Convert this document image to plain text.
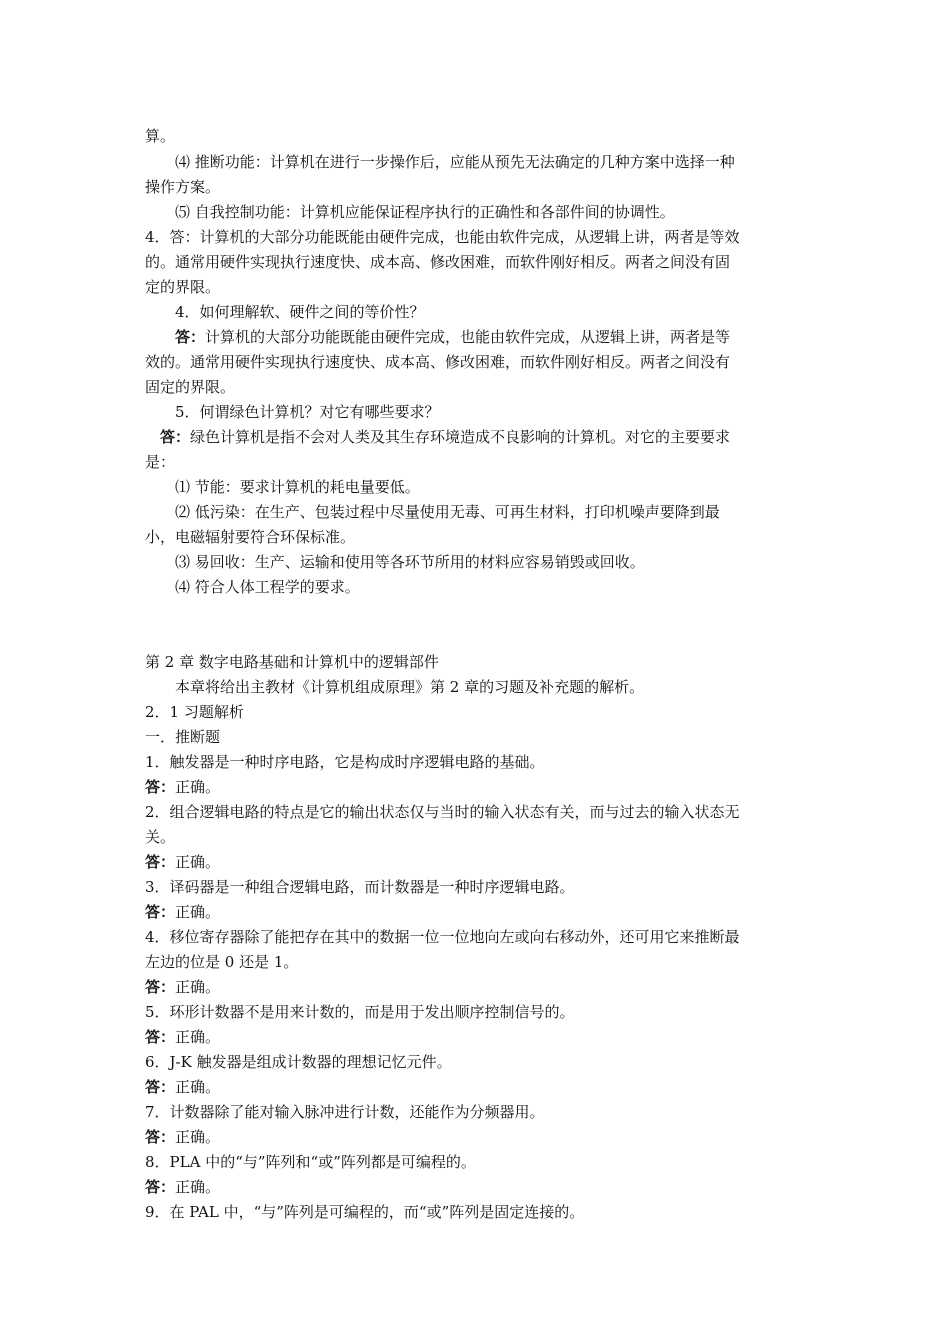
算。
⑷ 推断功能：计算机在进行一步操作后，应能从预先无法确定的几种方案中选择一种
操作方案。
⑸ 自我控制功能：计算机应能保证程序执行的正确性和各部件间的协调性。
4．答：计算机的大部分功能既能由硬件完成，也能由软件完成，从逻辑上讲，两者是等效
的。通常用硬件实现执行速度快、成本高、修改困难，而软件刚好相反。两者之间没有固
定的界限。
4．如何理解软、硬件之间的等价性？
答：计算机的大部分功能既能由硬件完成，也能由软件完成，从逻辑上讲，两者是等
效的。通常用硬件实现执行速度快、成本高、修改困难，而软件刚好相反。两者之间没有
固定的界限。
5．何谓绿色计算机？对它有哪些要求？
答：绿色计算机是指不会对人类及其生存环境造成不良影响的计算机。对它的主要要求
是：
⑴ 节能：要求计算机的耗电量要低。
⑵ 低污染：在生产、包装过程中尽量使用无毒、可再生材料，打印机噪声要降到最
小，电磁辐射要符合环保标准。
⑶ 易回收：生产、运输和使用等各环节所用的材料应容易销毁或回收。
⑷ 符合人体工程学的要求。
第 2 章 数字电路基础和计算机中的逻辑部件
本章将给出主教材《计算机组成原理》第 2 章的习题及补充题的解析。
2．1 习题解析
一．推断题
1．触发器是一种时序电路，它是构成时序逻辑电路的基础。
答：正确。
2．组合逻辑电路的特点是它的输出状态仅与当时的输入状态有关，而与过去的输入状态无
关。
答：正确。
3．译码器是一种组合逻辑电路，而计数器是一种时序逻辑电路。
答：正确。
4．移位寄存器除了能把存在其中的数据一位一位地向左或向右移动外，还可用它来推断最
左边的位是 0 还是 1。
答：正确。
5．环形计数器不是用来计数的，而是用于发出顺序控制信号的。
答：正确。
6．J-K 触发器是组成计数器的理想记忆元件。
答：正确。
7．计数器除了能对输入脉冲进行计数，还能作为分频器用。
答：正确。
8．PLA 中的“与”阵列和“或”阵列都是可编程的。
答：正确。
9．在 PAL 中，“与”阵列是可编程的，而“或”阵列是固定连接的。
